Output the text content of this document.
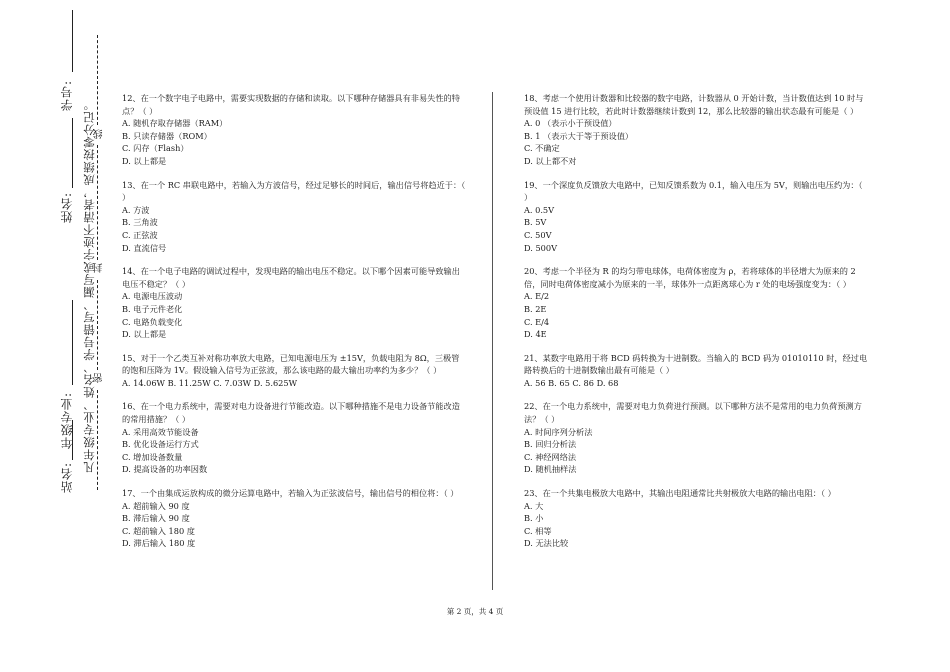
学号:
姓名:
年级专业:
站名:
凡年级专业、姓名、学号错写、漏写或字迹不清者，成绩按零分记。
线
封
密

12、在一个数字电子电路中，需要实现数据的存储和读取。以下哪种存储器具有非易失性的特点？（ ）

A. 随机存取存储器（RAM）

B. 只读存储器（ROM）

C. 闪存（Flash）

D. 以上都是

13、在一个 RC 串联电路中，若输入为方波信号，经过足够长的时间后，输出信号将趋近于：（ ）

A. 方波

B. 三角波

C. 正弦波

D. 直流信号

14、在一个电子电路的调试过程中，发现电路的输出电压不稳定。以下哪个因素可能导致输出电压不稳定？（ ）

A. 电源电压波动

B. 电子元件老化

C. 电路负载变化

D. 以上都是

15、对于一个乙类互补对称功率放大电路，已知电源电压为 ±15V，负载电阻为 8Ω，三极管的饱和压降为 1V。假设输入信号为正弦波，那么该电路的最大输出功率约为多少？（ ）

A. 14.06W B. 11.25W C. 7.03W D. 5.625W

16、在一个电力系统中，需要对电力设备进行节能改造。以下哪种措施不是电力设备节能改造的常用措施？（ ）

A. 采用高效节能设备

B. 优化设备运行方式

C. 增加设备数量

D. 提高设备的功率因数

17、一个由集成运放构成的微分运算电路中，若输入为正弦波信号，输出信号的相位将：（ ）

A. 超前输入 90 度

B. 滞后输入 90 度

C. 超前输入 180 度

D. 滞后输入 180 度

18、考虑一个使用计数器和比较器的数字电路，计数器从 0 开始计数，当计数值达到 10 时与预设值 15 进行比较，若此时计数器继续计数到 12，那么比较器的输出状态最有可能是（ ）

A. 0 （表示小于预设值）

B. 1 （表示大于等于预设值）

C. 不确定

D. 以上都不对

19、一个深度负反馈放大电路中，已知反馈系数为 0.1，输入电压为 5V，则输出电压约为：（ ）

A. 0.5V

B. 5V

C. 50V

D. 500V

20、考虑一个半径为 R 的均匀带电球体，电荷体密度为 ρ，若将球体的半径增大为原来的 2 倍，同时电荷体密度减小为原来的一半，球体外一点距离球心为 r 处的电场强度变为：（ ）

A. E/2

B. 2E

C. E/4

D. 4E

21、某数字电路用于将 BCD 码转换为十进制数。当输入的 BCD 码为 01010110 时，经过电路转换后的十进制数输出最有可能是（ ）

A. 56 B. 65 C. 86 D. 68

22、在一个电力系统中，需要对电力负荷进行预测。以下哪种方法不是常用的电力负荷预测方法？（ ）

A. 时间序列分析法

B. 回归分析法

C. 神经网络法

D. 随机抽样法

23、在一个共集电极放大电路中，其输出电阻通常比共射极放大电路的输出电阻：（ ）

A. 大

B. 小

C. 相等

D. 无法比较

第 2 页，共 4 页
